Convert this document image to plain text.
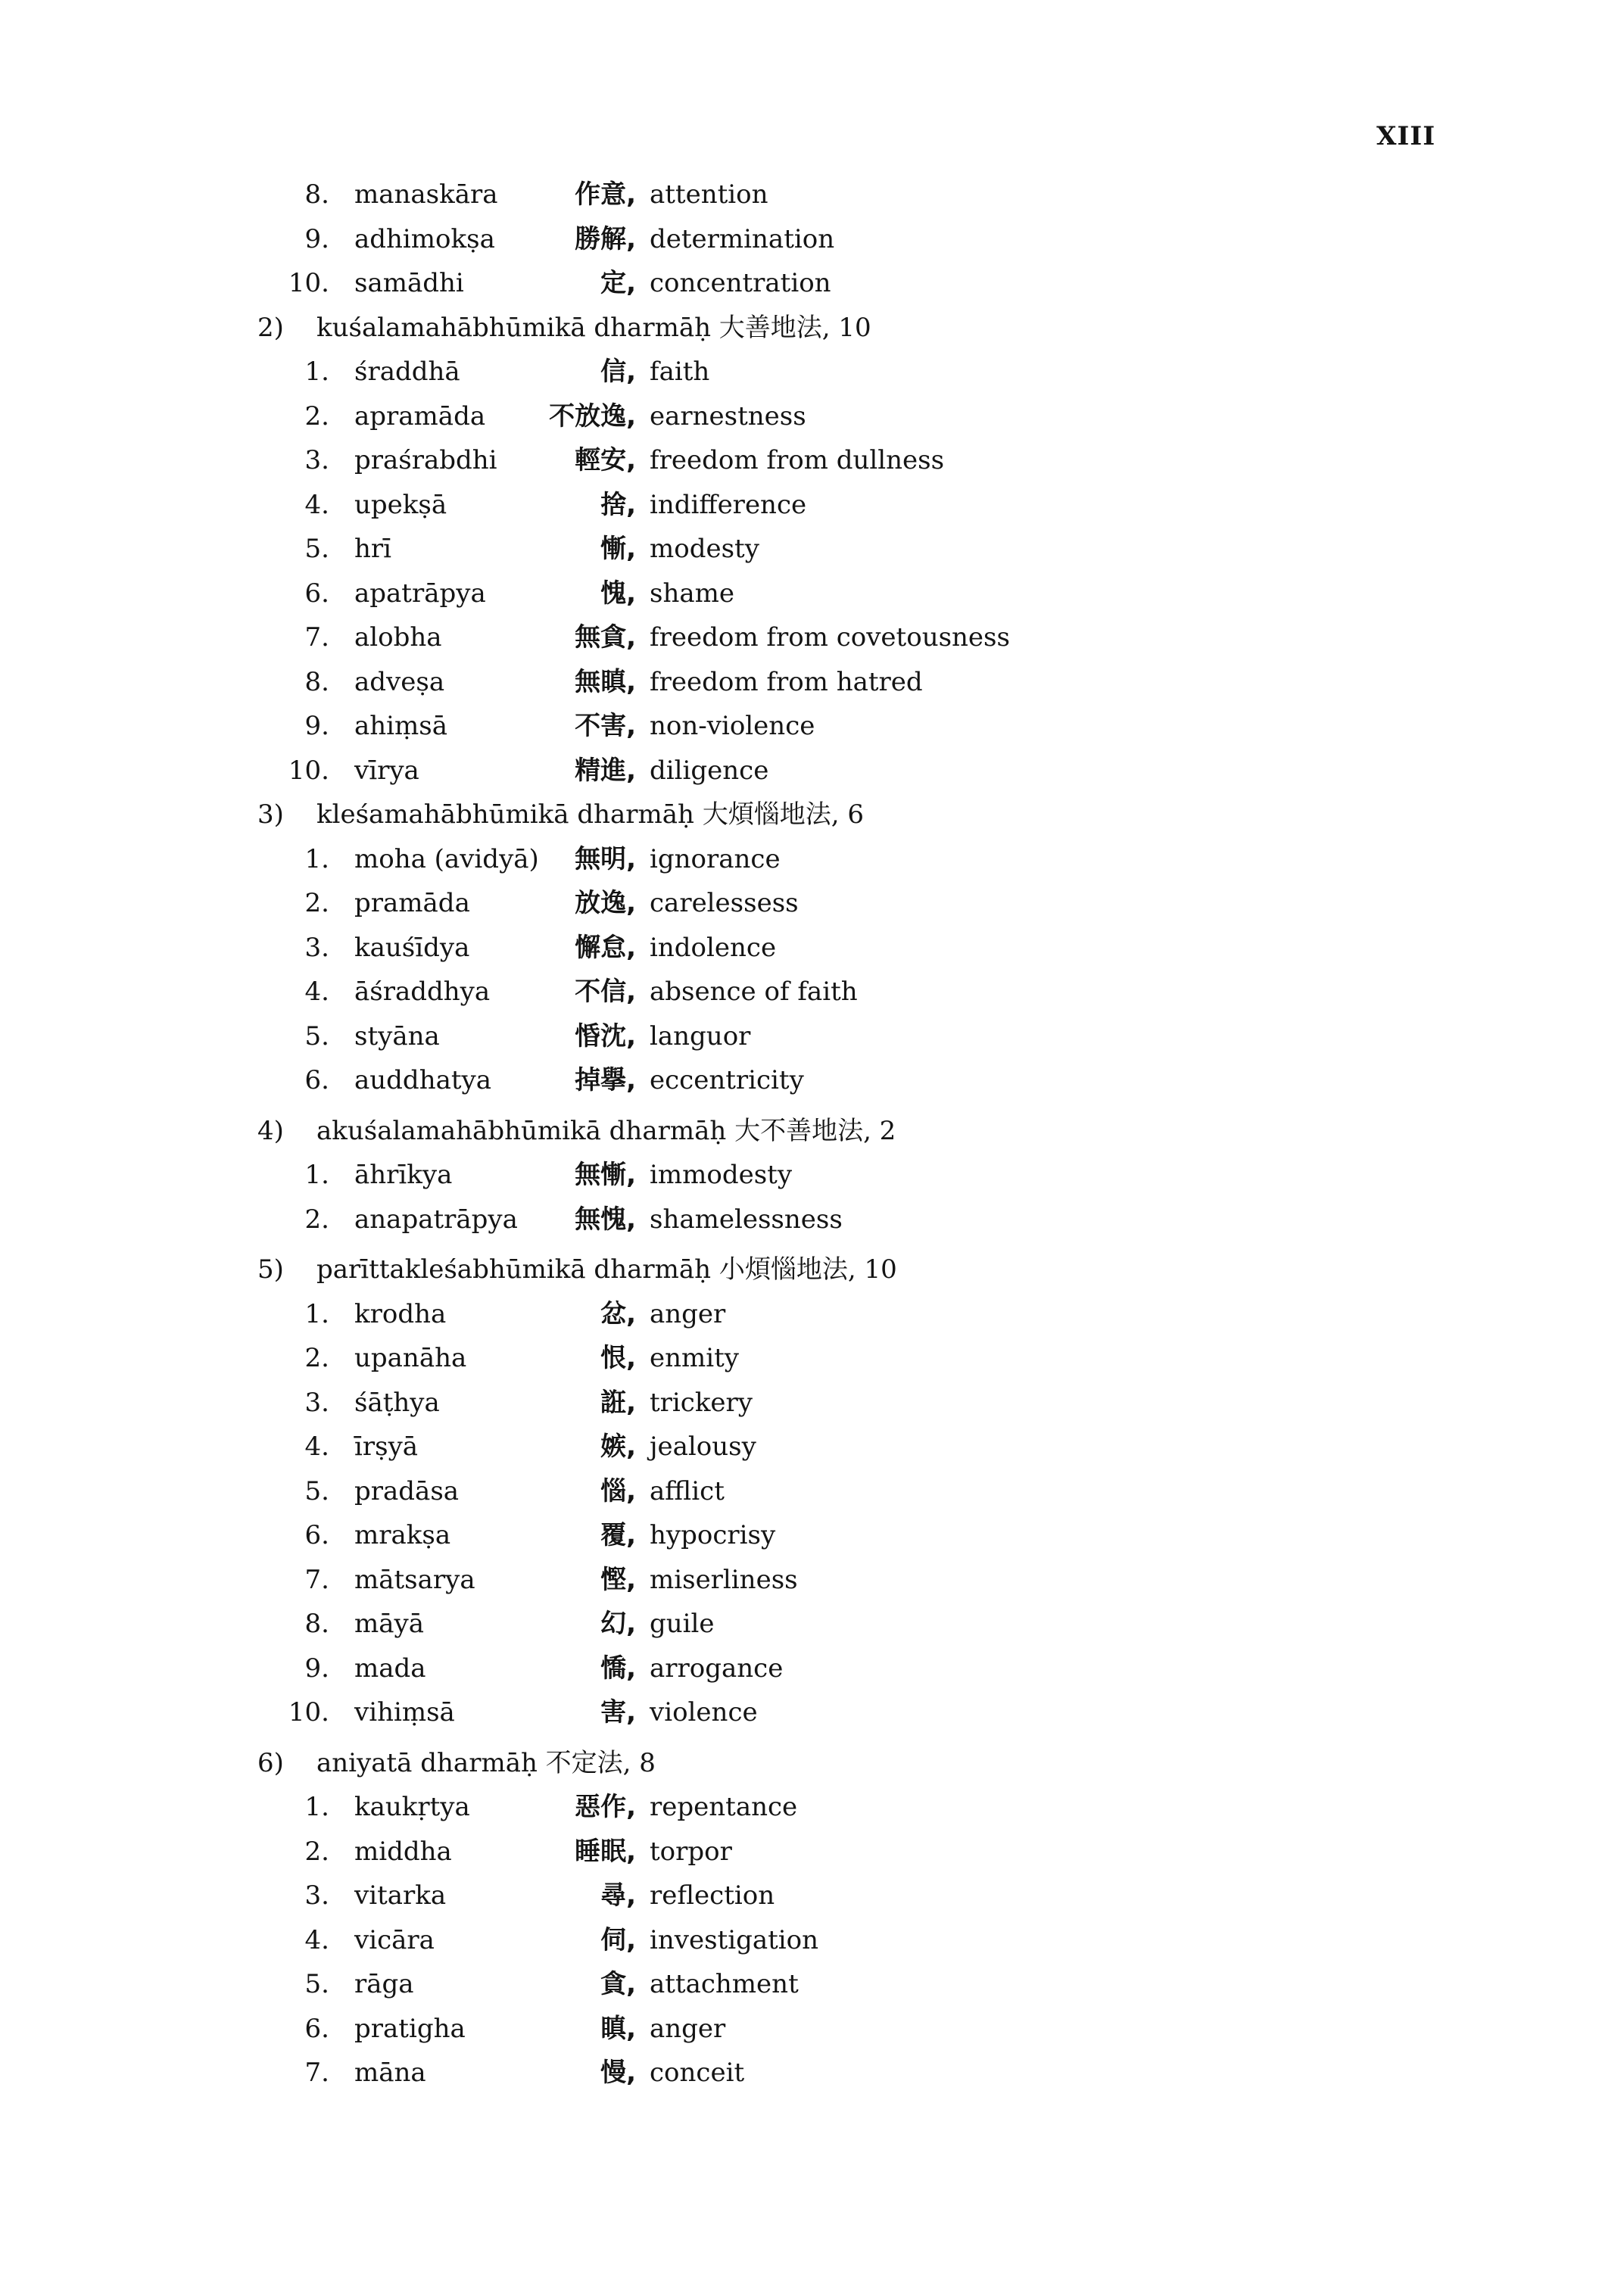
XIII
8. manaskāra	作意, attention
9. adhimokṣa	勝解, determination
10. samādhi	定, concentration
2) kuśalamahābhūmikā dharmāḥ 大善地法, 10
1. śraddhā	信, faith
2. apramāda 不放逸, earnestness
3. praśrabdhi	輕安, freedom from dullness
4. upekṣā	捨, indifference
5. hrī	慚, modesty
6. apatrāpya	愧, shame
7. alobha	無貪, freedom from covetousness
8. adveṣa	無瞋, freedom from hatred
9. ahiṃsā	不害, non-violence
10. vīrya	精進, diligence
3) kleśamahābhūmikā dharmāḥ 大煩惱地法, 6
1. moha (avidyā) 無明, ignorance
2. pramāda	放逸, carelessess
3. kauśīdya	懈怠, indolence
4. āśraddhya	不信, absence of faith
5. styāna	惛沈, languor
6. auddhatya	掉擧, eccentricity
4) akuśalamahābhūmikā dharmāḥ 大不善地法, 2
1. āhrīkya	無慚, immodesty
2. anapatrāpya 無愧, shamelessness
5) parīttakleśabhūmikā dharmāḥ 小煩惱地法, 10
1. krodha	忿, anger
2. upanāha	恨, enmity
3. śāṭhya	誑, trickery
4. īrṣyā	嫉, jealousy
5. pradāsa	惱, afflict
6. mrakṣa	覆, hypocrisy
7. mātsarya	慳, miserliness
8. māyā	幻, guile
9. mada	憍, arrogance
10. vihiṃsā	害, violence
6) aniyatā dharmāḥ 不定法, 8
1. kaukṛtya	惡作, repentance
2. middha	睡眠, torpor
3. vitarka	尋, reflection
4. vicāra	伺, investigation
5. rāga	貪, attachment
6. pratigha	瞋, anger
7. māna	慢, conceit
